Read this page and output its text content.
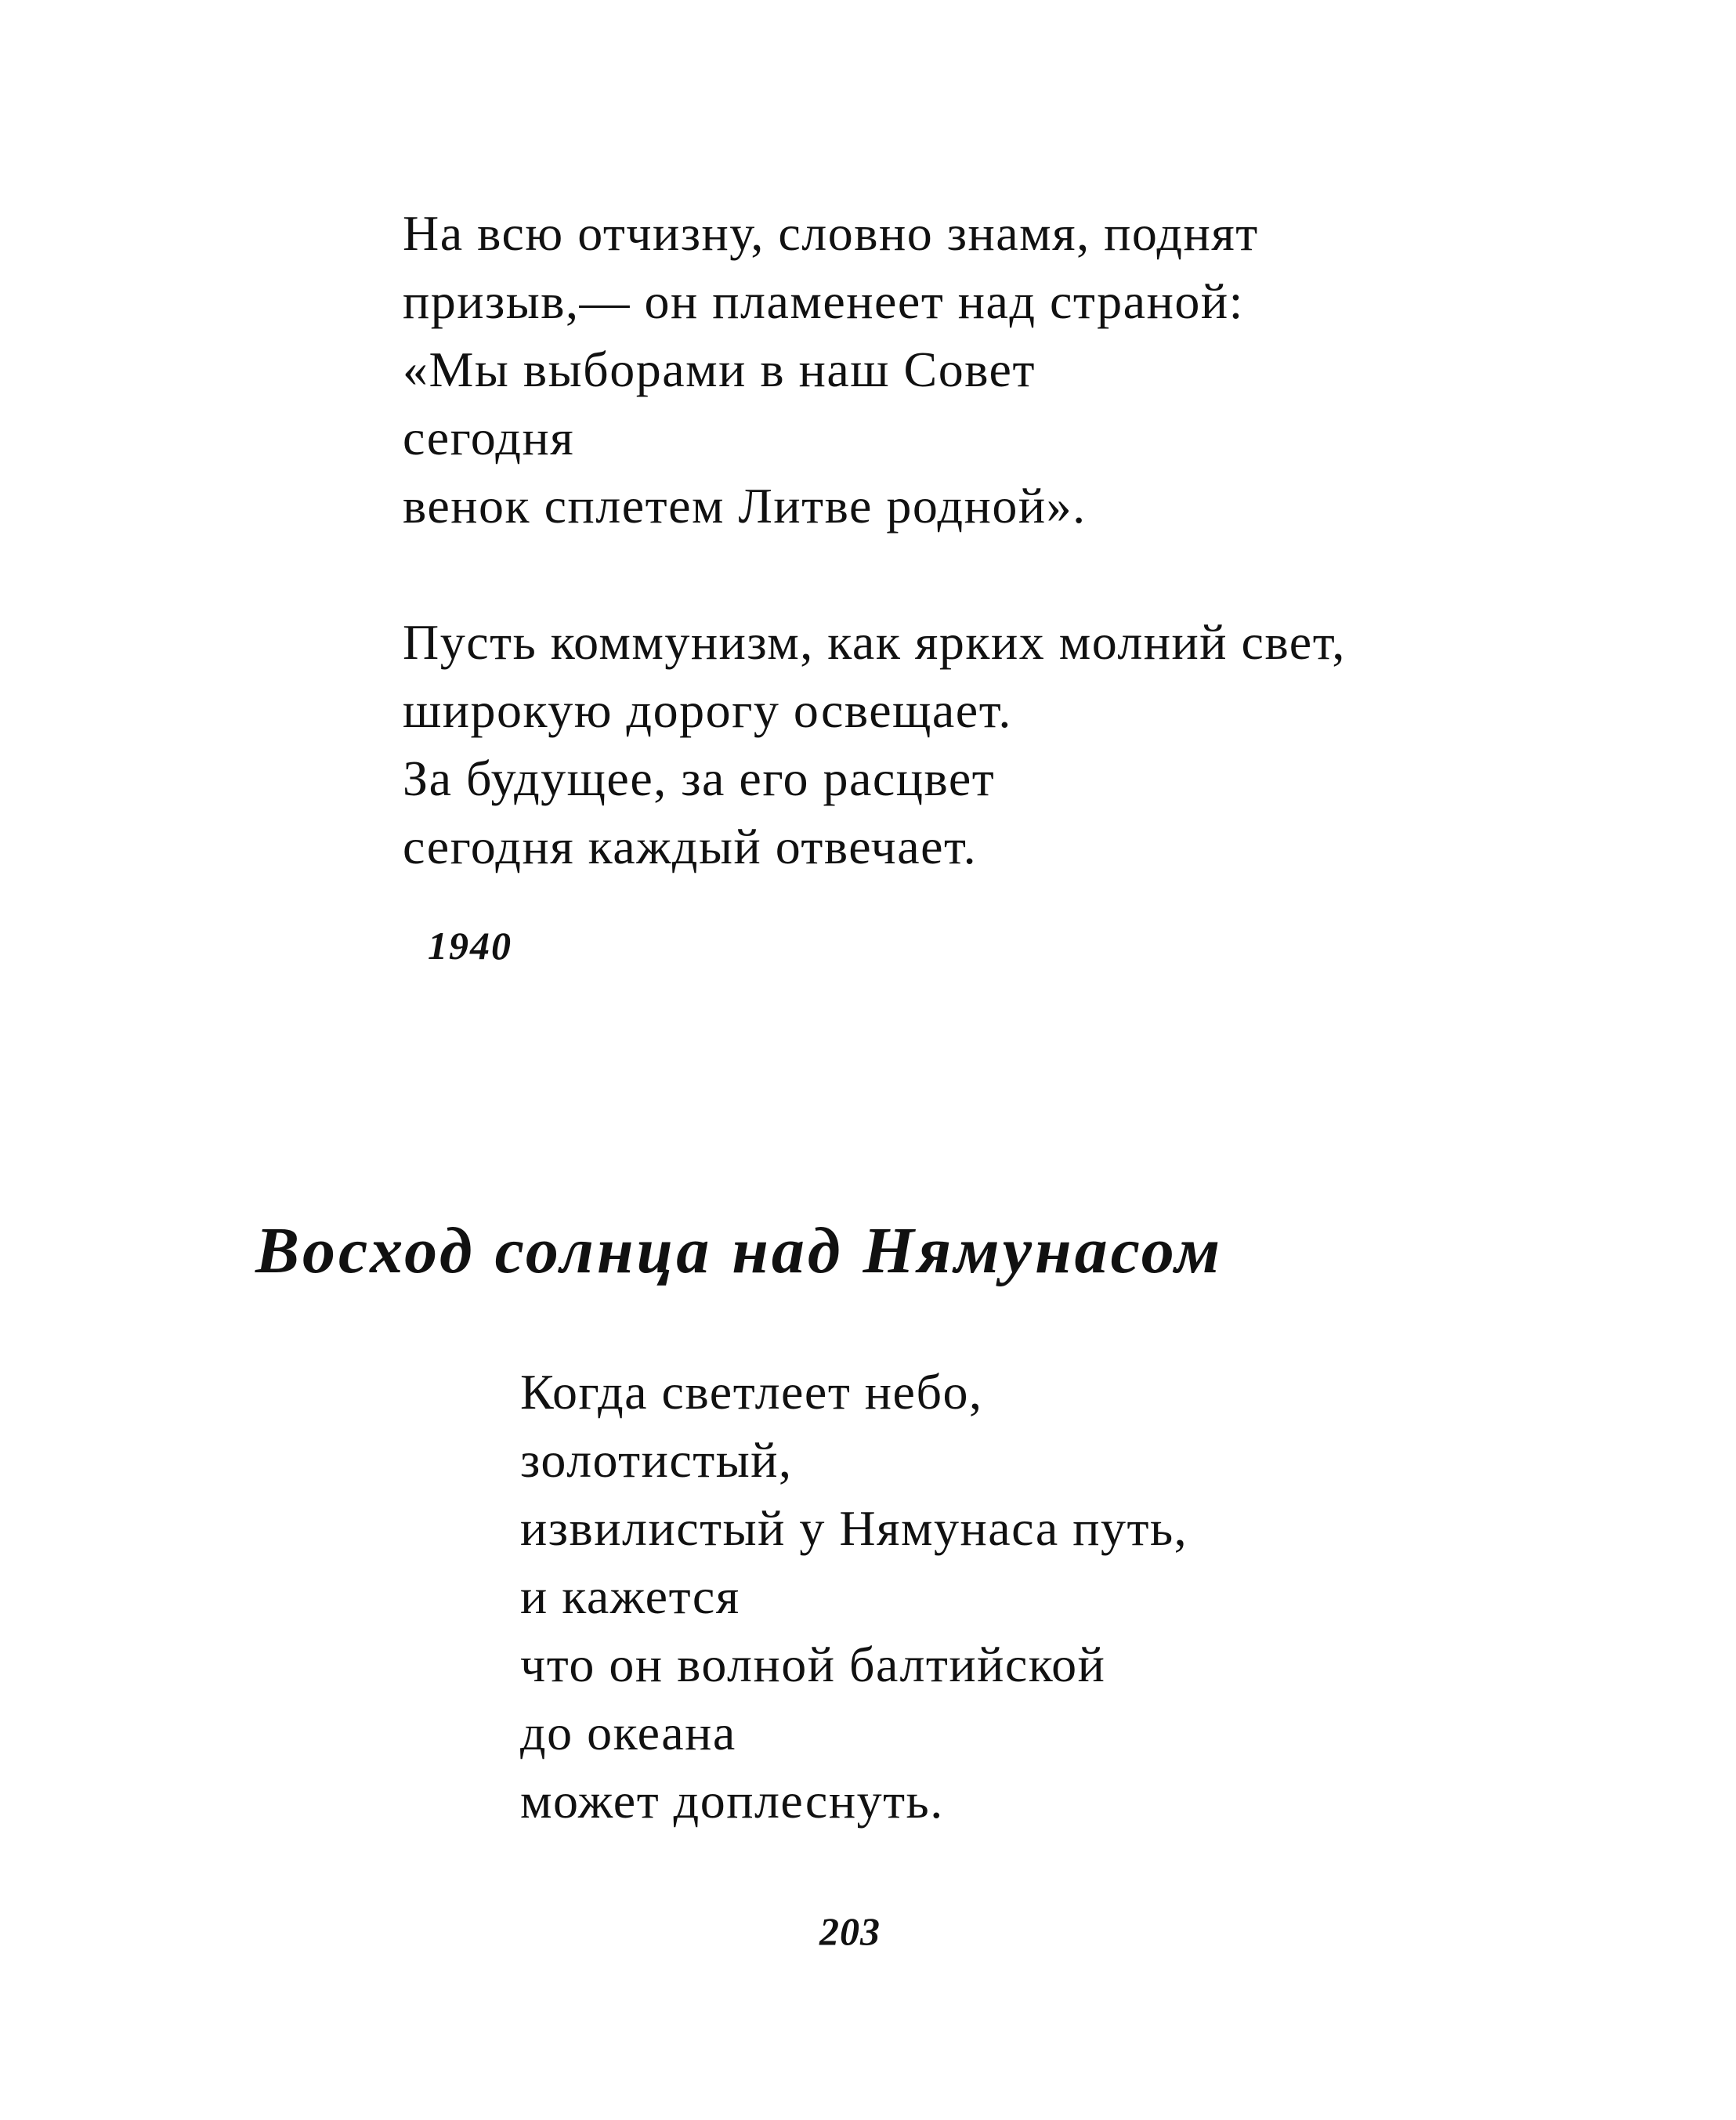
На всю отчизну, словно знамя, поднят
призыв,— он пламенеет над страной:
«Мы выборами в наш Совет
сегодня
венок сплетем Литве родной».
Пусть коммунизм, как ярких молний свет,
широкую дорогу освещает.
За будущее, за его расцвет
сегодня каждый отвечает.
1940
Восход солнца над Нямунасом
Когда светлеет небо,
золотистый,
извилистый у Нямунаса путь,
и кажется
что он волной балтийской
до океана
может доплеснуть.
203
